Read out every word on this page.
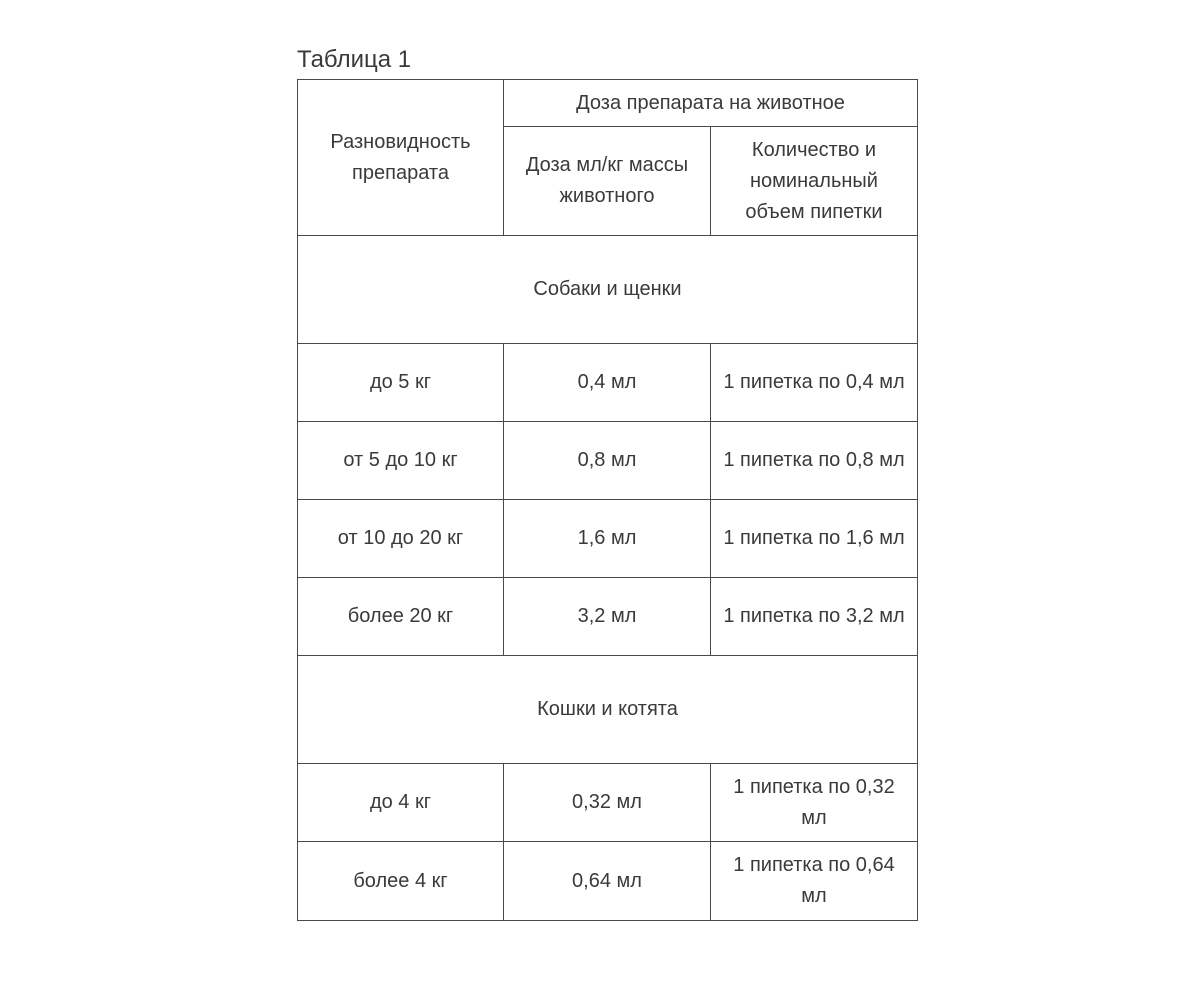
Таблица 1
Разновидность препарата	Доза препарата на животное	
	Доза мл/кг массы животного	Количество и номинальный объем пипетки
Собаки и щенки		
до 5 кг	0,4 мл	1 пипетка по 0,4 мл
от 5 до 10 кг	0,8 мл	1 пипетка по 0,8 мл
от 10 до 20 кг	1,6 мл	1 пипетка по 1,6 мл
более 20 кг	3,2 мл	1 пипетка по 3,2 мл
Кошки и котята		
до 4 кг	0,32 мл	1 пипетка по 0,32 мл
более 4 кг	0,64 мл	1 пипетка по 0,64 мл
